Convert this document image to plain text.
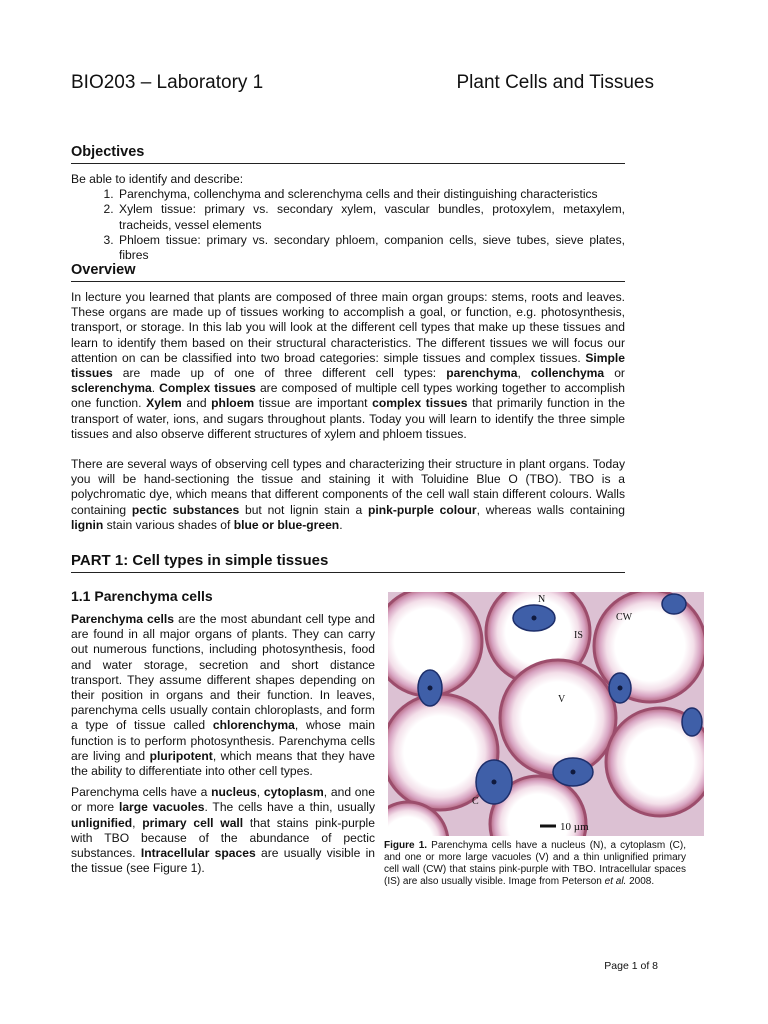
BIO203 – Laboratory 1	Plant Cells and Tissues
Objectives

Be able to identify and describe:

1. Parenchyma, collenchyma and sclerenchyma cells and their distinguishing characteristics
2. Xylem tissue: primary vs. secondary xylem, vascular bundles, protoxylem, metaxylem, tracheids, vessel elements
3. Phloem tissue: primary vs. secondary phloem, companion cells, sieve tubes, sieve plates, fibres
Overview

In lecture you learned that plants are composed of three main organ groups: stems, roots and leaves. These organs are made up of tissues working to accomplish a goal, or function, e.g. photosynthesis, transport, or storage. In this lab you will look at the different cell types that make up these tissues and learn to identify them based on their structural characteristics. The different tissues we will focus our attention on can be classified into two broad categories: simple tissues and complex tissues. Simple tissues are made up of one of three different cell types: parenchyma, collenchyma or sclerenchyma. Complex tissues are composed of multiple cell types working together to accomplish one function. Xylem and phloem tissue are important complex tissues that primarily function in the transport of water, ions, and sugars throughout plants. Today you will learn to identify the three simple tissues and also observe different structures of xylem and phloem tissues.

There are several ways of observing cell types and characterizing their structure in plant organs. Today you will be hand-sectioning the tissue and staining it with Toluidine Blue O (TBO). TBO is a polychromatic dye, which means that different components of the cell wall stain different colours. Walls containing pectic substances but not lignin stain a pink-purple colour, whereas walls containing lignin stain various shades of blue or blue-green.

PART 1: Cell types in simple tissues
1.1 Parenchyma cells

Parenchyma cells are the most abundant cell type and are found in all major organs of plants. They can carry out numerous functions, including photosynthesis, food and water storage, secretion and short distance transport. They assume different shapes depending on their position in organs and their function. In leaves, parenchyma cells usually contain chloroplasts, and form a type of tissue called chlorenchyma, whose main function is to perform photosynthesis. Parenchyma cells are living and pluripotent, which means that they have the ability to differentiate into other cell types.

Parenchyma cells have a nucleus, cytoplasm, and one or more large vacuoles. The cells have a thin, usually unlignified, primary cell wall that stains pink-purple with TBO because of the abundance of pectic substances. Intracellular spaces are usually visible in the tissue (see Figure 1).

N
IS
CW
V
C
10 µm
Figure 1. Parenchyma cells have a nucleus (N), a cytoplasm (C), and one or more large vacuoles (V) and a thin unlignified primary cell wall (CW) that stains pink-purple with TBO. Intracellular spaces (IS) are also usually visible. Image from Peterson et al. 2008.
Page 1 of 8
